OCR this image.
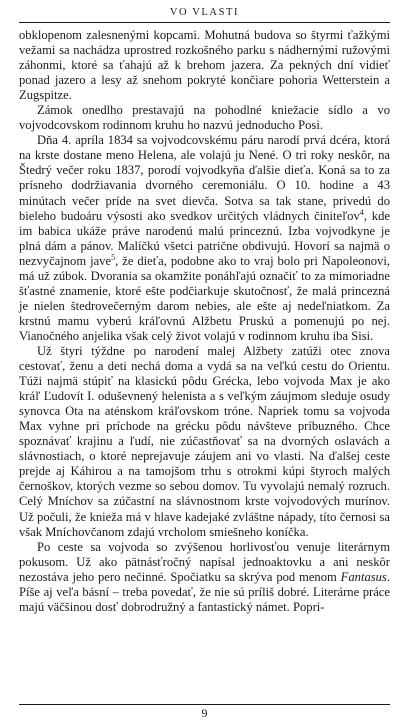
VO VLASTI

obklopenom zalesnenými kopcami. Mohutná budova so štyrmi ťažkými vežami sa nachádza uprostred rozkošného parku s nádhernými ružovými záhonmi, ktoré sa ťahajú až k brehom jazera. Za pekných dní vidieť ponad jazero a lesy až snehom pokryté končiare pohoria Wetterstein a Zugspitze.

Zámok onedlho prestavajú na pohodlné kniežacie sídlo a vo vojvodcovskom rodinnom kruhu ho nazvú jednoducho Posi.

Dňa 4. apríla 1834 sa vojvodcovskému páru narodí prvá dcéra, ktorá na krste dostane meno Helena, ale volajú ju Nené. O tri roky neskôr, na Štedrý večer roku 1837, porodí vojvodkyňa ďalšie dieťa. Koná sa to za prísneho dodržiavania dvorného ceremoniálu. O 10. hodine a 43 minútach večer príde na svet dievča. Sotva sa tak stane, privedú do bieleho budoáru výsosti ako svedkov určitých vládnych činiteľov$^4$, kde im babica ukáže práve narodenú malú princeznú. Izba vojvodkyne je plná dám a pánov. Malíčkú všetci patrične obdivujú. Hovorí sa najmä o nezvyčajnom jave$^5$, že dieťa, podobne ako to vraj bolo pri Napoleonovi, má už zúbok. Dvorania sa okamžite ponáhľajú označiť to za mimoriadne šťastné znamenie, ktoré ešte podčiarkuje skutočnosť, že malá princezná je nielen štedrovečerným darom nebies, ale ešte aj nedeľniatkom. Za krstnú mamu vyberú kráľovnú Alžbetu Pruskú a pomenujú po nej. Vianočného anjelika však celý život volajú v rodinnom kruhu iba Sisi.

Už štyri týždne po narodení malej Alžbety zatúži otec znova cestovať, ženu a deti nechá doma a vydá sa na veľkú cestu do Orientu. Túži najmä stúpiť na klasickú pôdu Grécka, lebo vojvoda Max je ako kráľ Ľudovít I. oduševnený helenista a s veľkým záujmom sleduje osudy synovca Ota na aténskom kráľovskom tróne. Napriek tomu sa vojvoda Max vyhne pri príchode na grécku pôdu návšteve príbuzného. Chce spoznávať krajinu a ľudí, nie zúčastňovať sa na dvorných oslavách a slávnostiach, o ktoré neprejavuje záujem ani vo vlasti. Na ďalšej ceste prejde aj Káhirou a na tamojšom trhu s otrokmi kúpi štyroch malých černoškov, ktorých vezme so sebou domov. Tu vyvolajú nemalý rozruch. Celý Mníchov sa zúčastní na slávnostnom krste vojvodových murínov. Už počuli, že knieža má v hlave kadejaké zvláštne nápady, títo černosi sa však Mníchovčanom zdajú vrcholom smiešneho koníčka.

Po ceste sa vojvoda so zvýšenou horlivosťou venuje literárnym pokusom. Už ako pätnásťročný napísal jednoaktovku a ani neskôr nezostáva jeho pero nečinné. Spočiatku sa skrýva pod menom Fantasus. Píše aj veľa básní – treba povedať, že nie sú príliš dobré. Literárne práce majú väčšinou dosť dobrodružný a fantastický námet. Popri-

9
